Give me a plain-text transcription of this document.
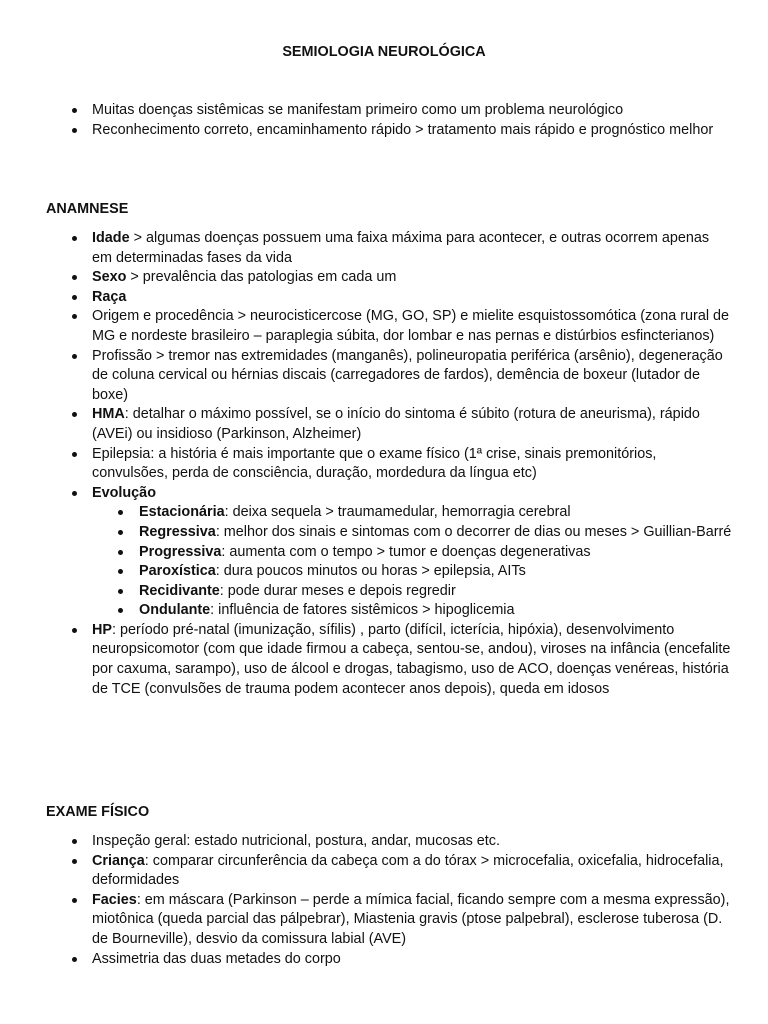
SEMIOLOGIA NEUROLÓGICA
Muitas doenças sistêmicas se manifestam primeiro como um problema neurológico
Reconhecimento correto, encaminhamento rápido > tratamento mais rápido e prognóstico melhor
ANAMNESE
Idade > algumas doenças possuem uma faixa máxima para acontecer, e outras ocorrem apenas em determinadas fases da vida
Sexo > prevalência das patologias em cada um
Raça
Origem e procedência > neurocisticercose (MG, GO, SP) e mielite esquistossomótica (zona rural de MG e nordeste brasileiro – paraplegia súbita, dor lombar e nas pernas e distúrbios esfincterianos)
Profissão > tremor nas extremidades (manganês), polineuropatia periférica (arsênio), degeneração de coluna cervical ou hérnias discais (carregadores de fardos), demência de boxeur (lutador de boxe)
HMA: detalhar o máximo possível, se o início do sintoma é súbito (rotura de aneurisma), rápido (AVEi) ou insidioso (Parkinson, Alzheimer)
Epilepsia: a história é mais importante que o exame físico (1ª crise, sinais premonitórios, convulsões, perda de consciência, duração, mordedura da língua etc)
Evolução
Estacionária: deixa sequela > traumamedular, hemorragia cerebral
Regressiva: melhor dos sinais e sintomas com o decorrer de dias ou meses > Guillian-Barré
Progressiva: aumenta com o tempo > tumor e doenças degenerativas
Paroxística: dura poucos minutos ou horas > epilepsia, AITs
Recidivante: pode durar meses e depois regredir
Ondulante: influência de fatores sistêmicos > hipoglicemia
HP: período pré-natal (imunização, sífilis) , parto (difícil, icterícia, hipóxia), desenvolvimento neuropsicomotor (com que idade firmou a cabeça, sentou-se, andou), viroses na infância (encefalite por caxuma, sarampo), uso de álcool e drogas, tabagismo, uso de ACO, doenças venéreas, história de TCE (convulsões de trauma podem acontecer anos depois), queda em idosos
EXAME FÍSICO
Inspeção geral: estado nutricional, postura, andar, mucosas etc.
Criança: comparar circunferência da cabeça com a do tórax > microcefalia, oxicefalia, hidrocefalia, deformidades
Facies: em máscara (Parkinson – perde a mímica facial, ficando sempre com a mesma expressão), miotônica (queda parcial das pálpebrar), Miastenia gravis (ptose palpebral), esclerose tuberosa (D. de Bourneville), desvio da comissura labial (AVE)
Assimetria das duas metades do corpo
